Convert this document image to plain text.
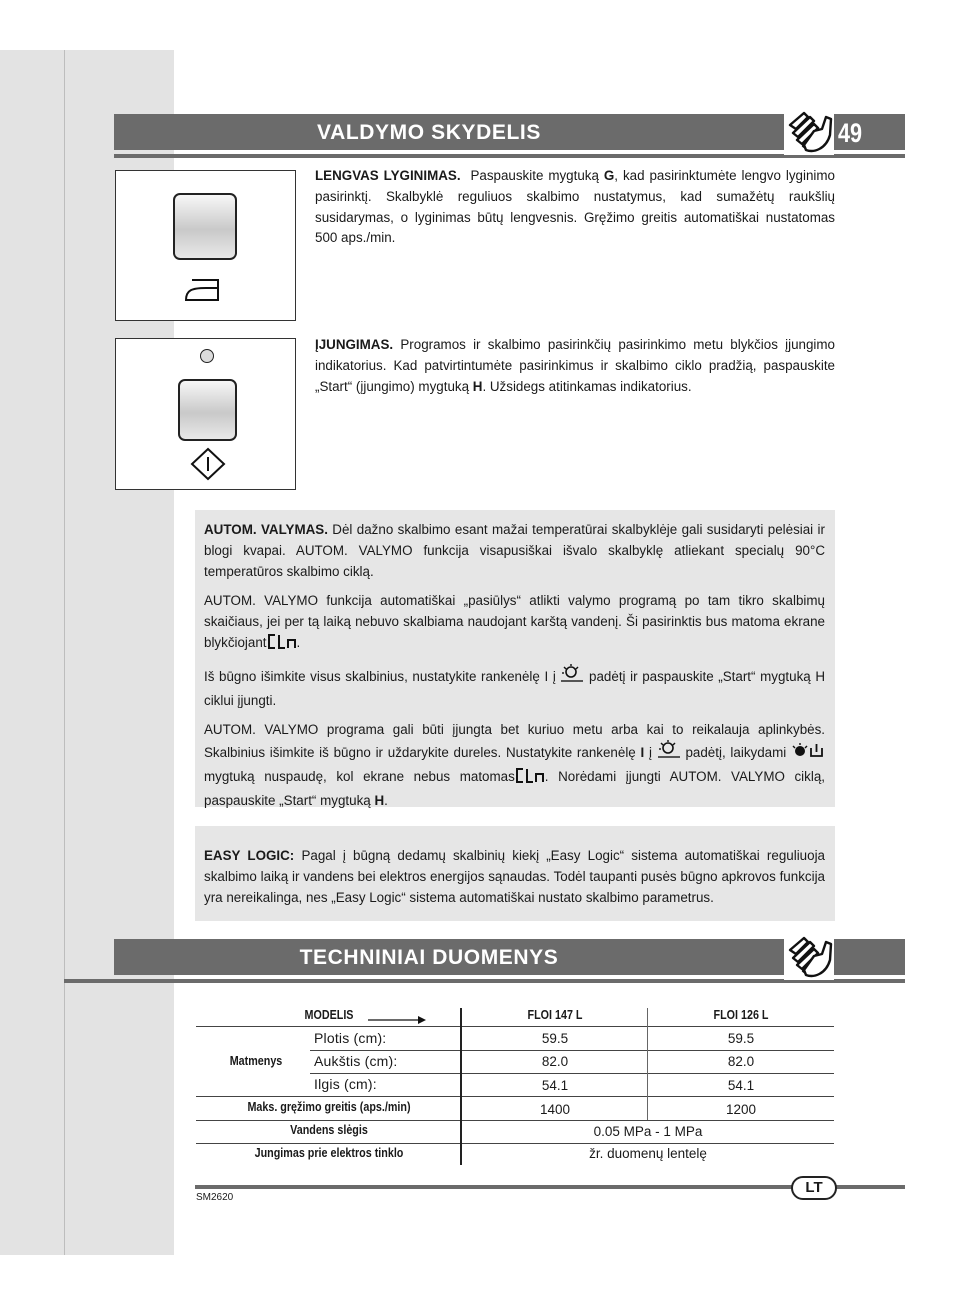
VALDYMO SKYDELIS	49

LENGVAS LYGINIMAS. Paspauskite mygtuką G, kad pasirinktumėte lengvo lyginimo pasirinktį. Skalbyklė reguliuos skalbimo nustatymus, kad sumažėtų raukšlių susidarymas, o lyginimas būtų lengvesnis. Gręžimo greitis automatiškai nustatomas 500 aps./min.

ĮJUNGIMAS. Programos ir skalbimo pasirinkčių pasirinkimo metu blykčios įjungimo indikatorius. Kad patvirtintumėte pasirinkimus ir skalbimo ciklo pradžią, paspauskite „Start“ (įjungimo) mygtuką H. Užsidegs atitinkamas indikatorius.

AUTOM. VALYMAS. Dėl dažno skalbimo esant mažai temperatūrai skalbyklėje gali susidaryti pelėsiai ir blogi kvapai. AUTOM. VALYMO funkcija visapusiškai išvalo skalbyklę atliekant specialų 90°C temperatūros skalbimo ciklą.

AUTOM. VALYMO funkcija automatiškai „pasiūlys“ atlikti valymo programą po tam tikro skalbimų skaičiaus, jei per tą laiką nebuvo skalbiama naudojant karštą vandenį. Ši pasirinktis bus matoma ekrane blykčiojant .

Iš būgno išimkite visus skalbinius, nustatykite rankenėlę I į  padėtį ir paspauskite „Start“ mygtuką H ciklui įjungti.

AUTOM. VALYMO programa gali būti įjungta bet kuriuo metu arba kai to reikalauja aplinkybės. Skalbinius išimkite iš būgno ir uždarykite dureles. Nustatykite rankenėlę I į  padėtį, laikydami  mygtuką nuspaudę, kol ekrane nebus matomas . Norėdami įjungti AUTOM. VALYMO ciklą, paspauskite „Start“ mygtuką H.

EASY LOGIC: Pagal į būgną dedamų skalbinių kiekį „Easy Logic“ sistema automatiškai reguliuoja skalbimo laiką ir vandens bei elektros energijos sąnaudas. Todėl taupanti pusės būgno apkrovos funkcija yra nereikalinga, nes „Easy Logic“ sistema automatiškai nustato skalbimo parametrus.

TECHNINIAI DUOMENYS
MODELIS	FLOI 147 L	FLOI 126 L
Matmenys
Plotis (cm):	59.5	59.5
Aukštis (cm):	82.0	82.0
Ilgis (cm):	54.1	54.1
Maks. gręžimo greitis (aps./min)	1400	1200
Vandens slėgis	0.05 MPa - 1 MPa
Jungimas prie elektros tinklo	žr. duomenų lentelę
LT
SM2620
